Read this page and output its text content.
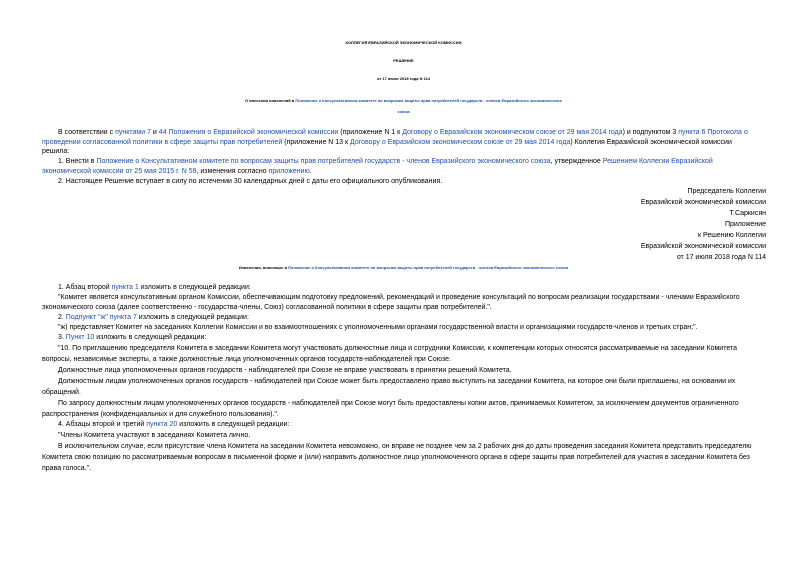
КОЛЛЕГИЯ ЕВРАЗИЙСКОЙ ЭКОНОМИЧЕСКОЙ КОМИССИИ
РЕШЕНИЕ
от 17 июля 2018 года N 114
О внесении изменений в Положение о Консультативном комитете по вопросам защиты прав потребителей государств - членов Евразийского экономического
союза
В соответствии с пунктами 7 и 44 Положения о Евразийской экономической комиссии (приложение N 1 к Договору о Евразийском экономическом союзе от 29 мая 2014 года) и подпунктом 3 пункта 6 Протокола о
проведении согласованной политики в сфере защиты прав потребителей (приложение N 13 к Договору о Евразийском экономическом союзе от 29 мая 2014 года) Коллегия Евразийской экономической комиссии
решила:
1. Внести в Положение о Консультативном комитете по вопросам защиты прав потребителей государств - членов Евразийского экономического союза, утвержденное Решением Коллегии Евразийской
экономической комиссии от 25 мая 2015 г. N 59, изменения согласно приложению.
2. Настоящее Решение вступает в силу по истечении 30 календарных дней с даты его официального опубликования.
Председатель Коллегии
Евразийской экономической комиссии
Т.Саркисян
Приложение
к Решению Коллегии
Евразийской экономической комиссии
от 17 июля 2018 года N 114
Изменения, вносимые в Положение о Консультативном комитете по вопросам защиты прав потребителей государств - членов Евразийского экономического союза
1. Абзац второй пункта 1 изложить в следующей редакции:
"Комитет является консультативным органом Комиссии, обеспечивающим подготовку предложений, рекомендаций и проведение консультаций по вопросам реализации государствами - членами Евразийского
экономического союза (далее соответственно - государства-члены, Союз) согласованной политики в сфере защиты прав потребителей.".
2. Подпункт "ж" пункта 7 изложить в следующей редакции:
"ж) представляет Комитет на заседаниях Коллегии Комиссии и во взаимоотношениях с уполномоченными органами государственной власти и организациями государств-членов и третьих стран;".
3. Пункт 10 изложить в следующей редакции:
"10. По приглашению председателя Комитета в заседании Комитета могут участвовать должностные лица и сотрудники Комиссии, к компетенции которых относятся рассматриваемые на заседании Комитета
вопросы, независимые эксперты, а также должностные лица уполномоченных органов государств-наблюдателей при Союзе.
Должностные лица уполномоченных органов государств - наблюдателей при Союзе не вправе участвовать в принятии решений Комитета.
Должностным лицам уполномоченных органов государств - наблюдателей при Союзе может быть предоставлено право выступить на заседании Комитета, на которое они были приглашены, на основании их
обращений.
По запросу должностным лицам уполномоченных органов государств - наблюдателей при Союзе могут быть предоставлены копии актов, принимаемых Комитетом, за исключением документов ограниченного
распространения (конфиденциальных и для служебного пользования).".
4. Абзацы второй и третий пункта 20 изложить в следующей редакции:
"Члены Комитета участвуют в заседаниях Комитета лично.
В исключительном случае, если присутствие члена Комитета на заседании Комитета невозможно, он вправе не позднее чем за 2 рабочих дня до даты проведения заседания Комитета представить председателю
Комитета свою позицию по рассматриваемым вопросам в письменной форме и (или) направить должностное лицо уполномоченного органа в сфере защиты прав потребителей для участия в заседании Комитета без
права голоса.".
